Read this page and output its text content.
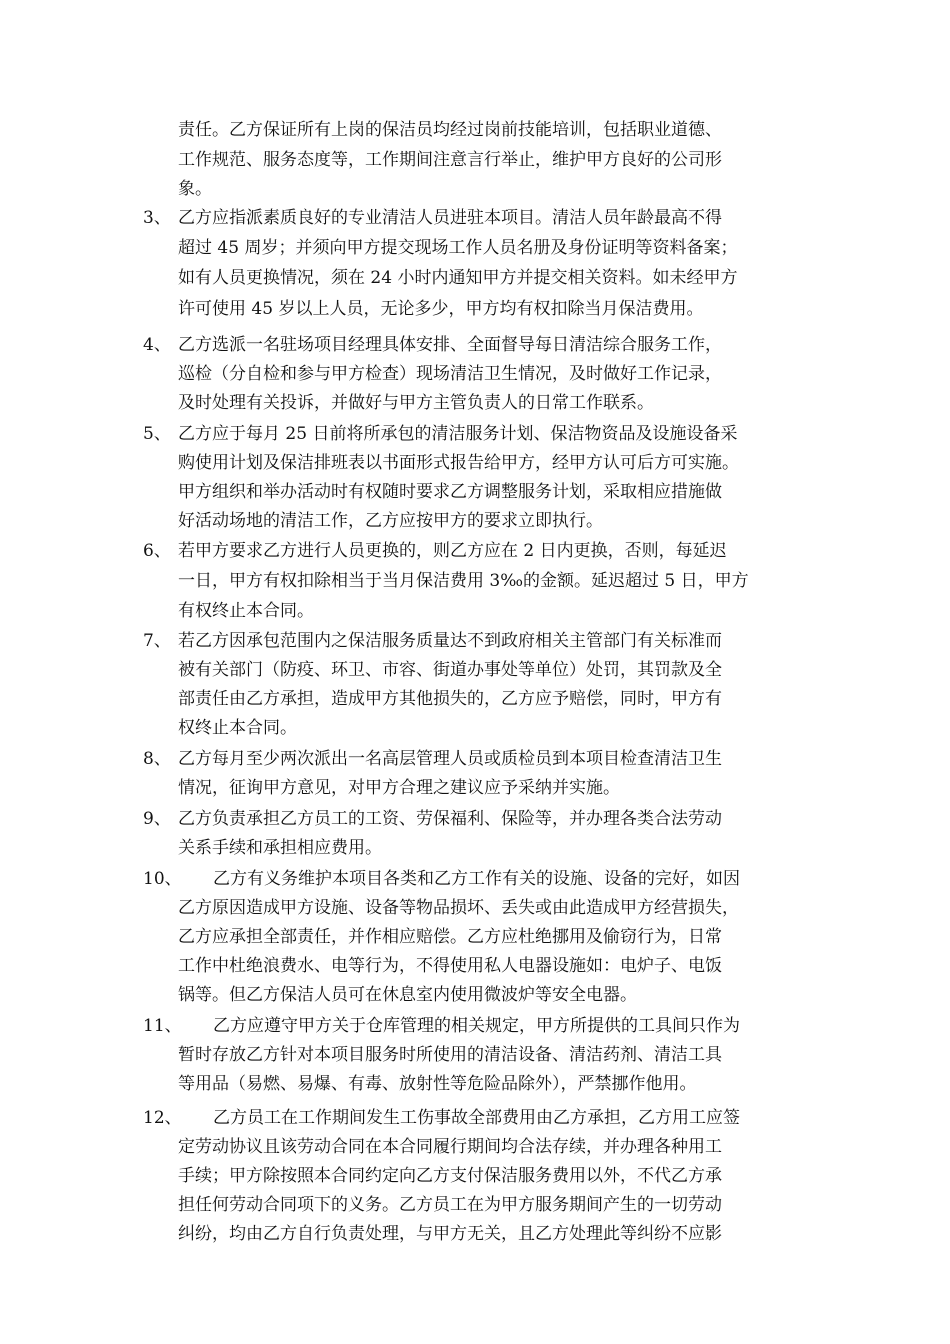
责任。乙方保证所有上岗的保洁员均经过岗前技能培训，包括职业道德、
工作规范、服务态度等，工作期间注意言行举止，维护甲方良好的公司形
象。
3、 乙方应指派素质良好的专业清洁人员进驻本项目。清洁人员年龄最高不得
超过 45 周岁；并须向甲方提交现场工作人员名册及身份证明等资料备案；
如有人员更换情况，须在 24 小时内通知甲方并提交相关资料。如未经甲方
许可使用 45 岁以上人员，无论多少，甲方均有权扣除当月保洁费用。
4、 乙方选派一名驻场项目经理具体安排、全面督导每日清洁综合服务工作，
巡检（分自检和参与甲方检查）现场清洁卫生情况，及时做好工作记录，
及时处理有关投诉，并做好与甲方主管负责人的日常工作联系。
5、 乙方应于每月 25 日前将所承包的清洁服务计划、保洁物资品及设施设备采
购使用计划及保洁排班表以书面形式报告给甲方，经甲方认可后方可实施。
甲方组织和举办活动时有权随时要求乙方调整服务计划，采取相应措施做
好活动场地的清洁工作，乙方应按甲方的要求立即执行。
6、 若甲方要求乙方进行人员更换的，则乙方应在 2 日内更换，否则，每延迟
一日，甲方有权扣除相当于当月保洁费用 3‰的金额。延迟超过 5 日，甲方
有权终止本合同。
7、 若乙方因承包范围内之保洁服务质量达不到政府相关主管部门有关标准而
被有关部门（防疫、环卫、市容、街道办事处等单位）处罚，其罚款及全
部责任由乙方承担，造成甲方其他损失的，乙方应予赔偿，同时，甲方有
权终止本合同。
8、 乙方每月至少两次派出一名高层管理人员或质检员到本项目检查清洁卫生
情况，征询甲方意见，对甲方合理之建议应予采纳并实施。
9、 乙方负责承担乙方员工的工资、劳保福利、保险等，并办理各类合法劳动
关系手续和承担相应费用。
10、 乙方有义务维护本项目各类和乙方工作有关的设施、设备的完好，如因
乙方原因造成甲方设施、设备等物品损坏、丢失或由此造成甲方经营损失，
乙方应承担全部责任，并作相应赔偿。乙方应杜绝挪用及偷窃行为，日常
工作中杜绝浪费水、电等行为，不得使用私人电器设施如：电炉子、电饭
锅等。但乙方保洁人员可在休息室内使用微波炉等安全电器。
11、 乙方应遵守甲方关于仓库管理的相关规定，甲方所提供的工具间只作为
暂时存放乙方针对本项目服务时所使用的清洁设备、清洁药剂、清洁工具
等用品（易燃、易爆、有毒、放射性等危险品除外），严禁挪作他用。
12、 乙方员工在工作期间发生工伤事故全部费用由乙方承担，乙方用工应签
定劳动协议且该劳动合同在本合同履行期间均合法存续，并办理各种用工
手续；甲方除按照本合同约定向乙方支付保洁服务费用以外，不代乙方承
担任何劳动合同项下的义务。乙方员工在为甲方服务期间产生的一切劳动
纠纷，均由乙方自行负责处理，与甲方无关，且乙方处理此等纠纷不应影
